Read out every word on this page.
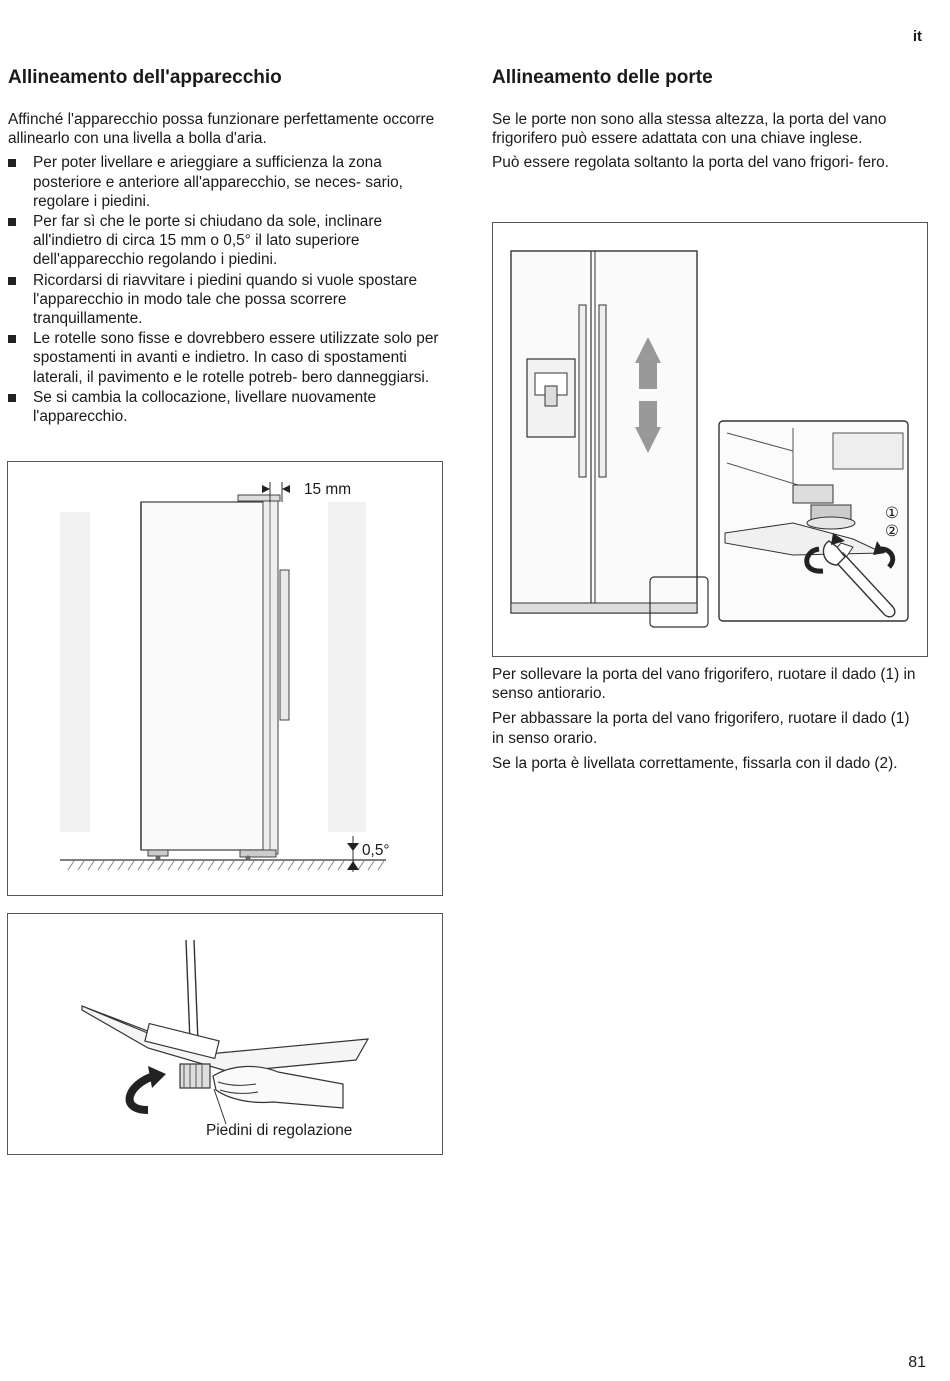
it
Allineamento dell'apparecchio

Affinché l'apparecchio possa funzionare perfettamente occorre allinearlo con una livella a bolla d'aria.

Per poter livellare e arieggiare a sufficienza la zona posteriore e anteriore all'apparecchio, se neces- sario, regolare i piedini.
Per far sì che le porte si chiudano da sole, inclinare all'indietro di circa 15 mm o 0,5° il lato superiore dell'apparecchio regolando i piedini.
Ricordarsi di riavvitare i piedini quando si vuole spostare l'apparecchio in modo tale che possa scorrere tranquillamente.
Le rotelle sono fisse e dovrebbero essere utilizzate solo per spostamenti in avanti e indietro. In caso di spostamenti laterali, il pavimento e le rotelle potreb- bero danneggiarsi.
Se si cambia la collocazione, livellare nuovamente l'apparecchio.
15 mm
0,5°
Piedini di regolazione
Allineamento delle porte

Se le porte non sono alla stessa altezza, la porta del vano frigorifero può essere adattata con una chiave inglese.

Può essere regolata soltanto la porta del vano frigori- fero.

①
②

Per sollevare la porta del vano frigorifero, ruotare il dado (1) in senso antiorario.

Per abbassare la porta del vano frigorifero, ruotare il dado (1) in senso orario.

Se la porta è livellata correttamente, fissarla con il dado (2).

81
